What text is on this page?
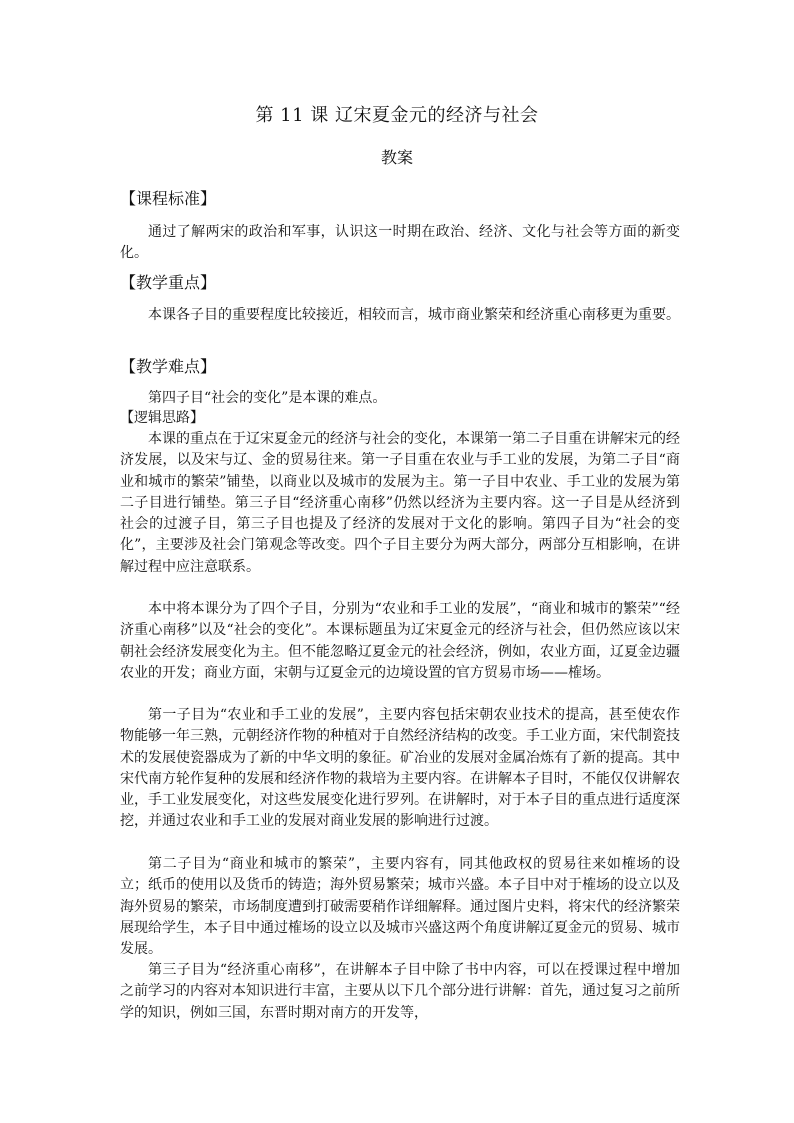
第 11 课 辽宋夏金元的经济与社会
教案
【课程标准】

通过了解两宋的政治和军事，认识这一时期在政治、经济、文化与社会等方面的新变化。

【教学重点】

本课各子目的重要程度比较接近，相较而言，城市商业繁荣和经济重心南移更为重要。

【教学难点】

第四子目“社会的变化”是本课的难点。

【逻辑思路】

本课的重点在于辽宋夏金元的经济与社会的变化，本课第一第二子目重在讲解宋元的经济发展，以及宋与辽、金的贸易往来。第一子目重在农业与手工业的发展，为第二子目“商业和城市的繁荣”铺垫，以商业以及城市的发展为主。第一子目中农业、手工业的发展为第二子目进行铺垫。第三子目“经济重心南移”仍然以经济为主要内容。这一子目是从经济到社会的过渡子目，第三子目也提及了经济的发展对于文化的影响。第四子目为“社会的变化”，主要涉及社会门第观念等改变。四个子目主要分为两大部分，两部分互相影响，在讲解过程中应注意联系。

本中将本课分为了四个子目，分别为“农业和手工业的发展”，“商业和城市的繁荣”“经济重心南移”以及“社会的变化”。本课标题虽为辽宋夏金元的经济与社会，但仍然应该以宋朝社会经济发展变化为主。但不能忽略辽夏金元的社会经济，例如，农业方面，辽夏金边疆农业的开发；商业方面，宋朝与辽夏金元的边境设置的官方贸易市场——榷场。

第一子目为“农业和手工业的发展”，主要内容包括宋朝农业技术的提高，甚至使农作物能够一年三熟，元朝经济作物的种植对于自然经济结构的改变。手工业方面，宋代制瓷技术的发展使瓷器成为了新的中华文明的象征。矿冶业的发展对金属冶炼有了新的提高。其中宋代南方轮作复种的发展和经济作物的栽培为主要内容。在讲解本子目时，不能仅仅讲解农业，手工业发展变化，对这些发展变化进行罗列。在讲解时，对于本子目的重点进行适度深挖，并通过农业和手工业的发展对商业发展的影响进行过渡。

第二子目为“商业和城市的繁荣”，主要内容有，同其他政权的贸易往来如榷场的设立；纸币的使用以及货币的铸造；海外贸易繁荣；城市兴盛。本子目中对于榷场的设立以及海外贸易的繁荣，市场制度遭到打破需要稍作详细解释。通过图片史料，将宋代的经济繁荣展现给学生，本子目中通过榷场的设立以及城市兴盛这两个角度讲解辽夏金元的贸易、城市发展。

第三子目为“经济重心南移”，在讲解本子目中除了书中内容，可以在授课过程中增加之前学习的内容对本知识进行丰富，主要从以下几个部分进行讲解：首先，通过复习之前所学的知识，例如三国，东晋时期对南方的开发等，
